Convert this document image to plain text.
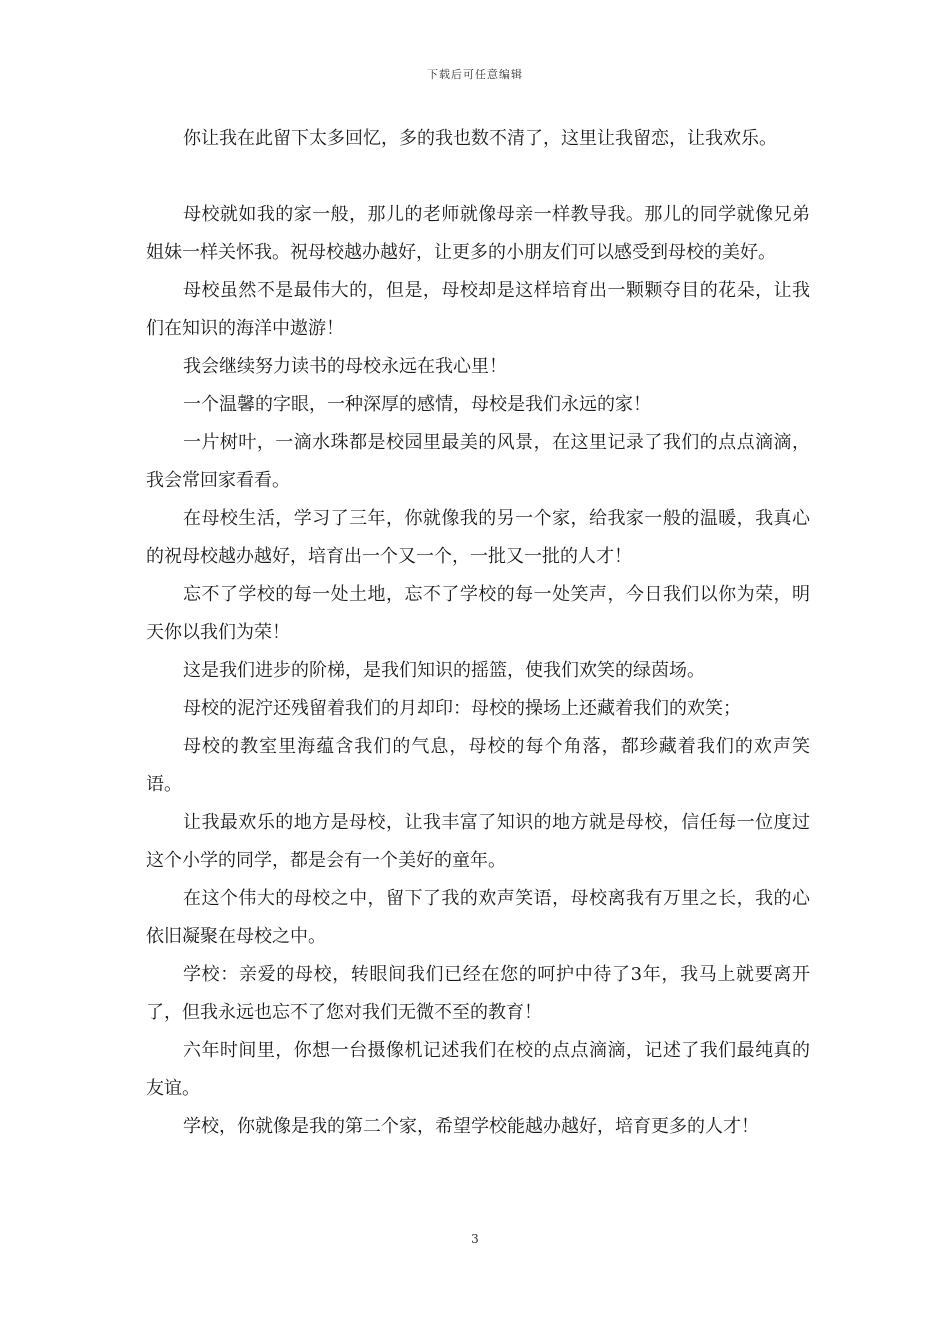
下载后可任意编辑

你让我在此留下太多回忆，多的我也数不清了，这里让我留恋，让我欢乐。

母校就如我的家一般，那儿的老师就像母亲一样教导我。那儿的同学就像兄弟姐妹一样关怀我。祝母校越办越好，让更多的小朋友们可以感受到母校的美好。

母校虽然不是最伟大的，但是，母校却是这样培育出一颗颗夺目的花朵，让我们在知识的海洋中遨游！

我会继续努力读书的母校永远在我心里！

一个温馨的字眼，一种深厚的感情，母校是我们永远的家！

一片树叶，一滴水珠都是校园里最美的风景，在这里记录了我们的点点滴滴，我会常回家看看。

在母校生活，学习了三年，你就像我的另一个家，给我家一般的温暖，我真心的祝母校越办越好，培育出一个又一个，一批又一批的人才！

忘不了学校的每一处土地，忘不了学校的每一处笑声，今日我们以你为荣，明天你以我们为荣！

这是我们进步的阶梯，是我们知识的摇篮，使我们欢笑的绿茵场。

母校的泥泞还残留着我们的月却印：母校的操场上还藏着我们的欢笑；

母校的教室里海蕴含我们的气息，母校的每个角落，都珍藏着我们的欢声笑语。

让我最欢乐的地方是母校，让我丰富了知识的地方就是母校，信任每一位度过这个小学的同学，都是会有一个美好的童年。

在这个伟大的母校之中，留下了我的欢声笑语，母校离我有万里之长，我的心依旧凝聚在母校之中。

学校：亲爱的母校，转眼间我们已经在您的呵护中待了3年，我马上就要离开了，但我永远也忘不了您对我们无微不至的教育！

六年时间里，你想一台摄像机记述我们在校的点点滴滴，记述了我们最纯真的友谊。

学校，你就像是我的第二个家，希望学校能越办越好，培育更多的人才！

3
